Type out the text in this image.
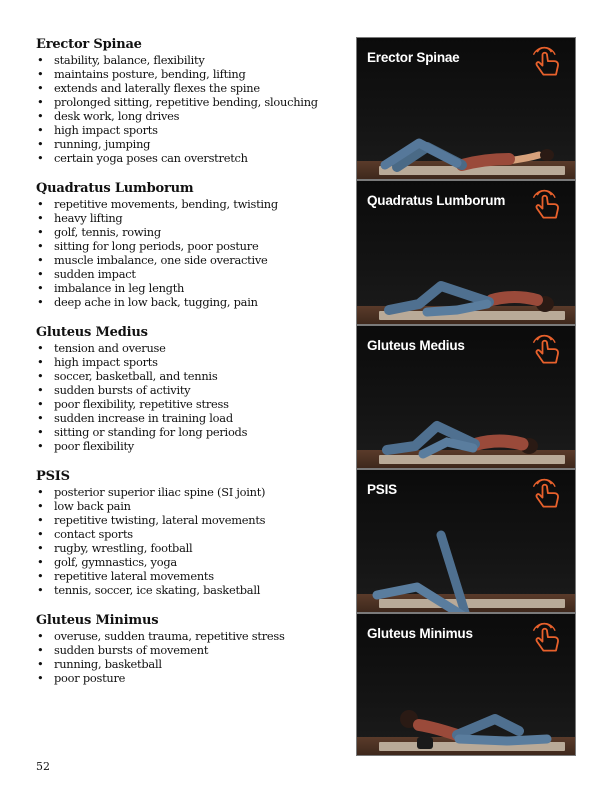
Erector Spinae
• stability, balance, flexibility
• maintains posture, bending, lifting
• extends and laterally flexes the spine
• prolonged sitting, repetitive bending, slouching
• desk work, long drives
• high impact sports
• running, jumping
• certain yoga poses can overstretch
Quadratus Lumborum
• repetitive movements, bending, twisting
• heavy lifting
• golf, tennis, rowing
• sitting for long periods, poor posture
• muscle imbalance, one side overactive
• sudden impact
• imbalance in leg length
• deep ache in low back, tugging, pain
Gluteus Medius
• tension and overuse
• high impact sports
• soccer, basketball, and tennis
• sudden bursts of activity
• poor flexibility, repetitive stress
• sudden increase in training load
• sitting or standing for long periods
• poor flexibility
PSIS
• posterior superior iliac spine (SI joint)
• low back pain
• repetitive twisting, lateral movements
• contact sports
• rugby, wrestling, football
• golf, gymnastics, yoga
• repetitive lateral movements
• tennis, soccer, ice skating, basketball
Gluteus Minimus
• overuse, sudden trauma, repetitive stress
• sudden bursts of movement
• running, basketball
• poor posture
Erector Spinae
Quadratus Lumborum
Gluteus Medius
PSIS
Gluteus Minimus
52
